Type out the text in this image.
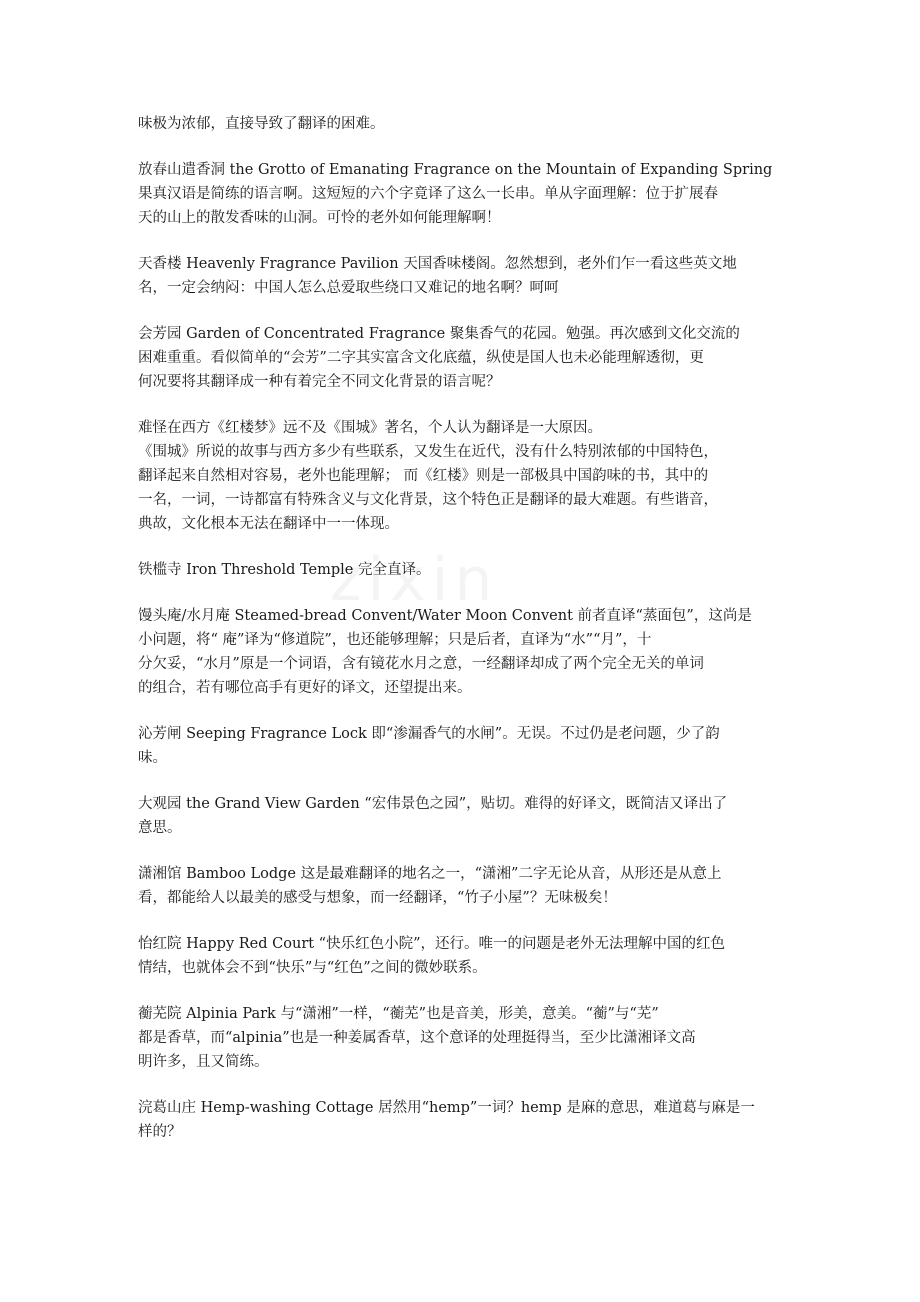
味极为浓郁，直接导致了翻译的困难。
放春山遣香洞 the Grotto of Emanating Fragrance on the Mountain of Expanding Spring
果真汉语是简练的语言啊。这短短的六个字竟译了这么一长串。单从字面理解：位于扩展春
天的山上的散发香味的山洞。可怜的老外如何能理解啊！
天香楼 Heavenly Fragrance Pavilion 天国香味楼阁。忽然想到，老外们乍一看这些英文地
名，一定会纳闷：中国人怎么总爱取些绕口又难记的地名啊？呵呵
会芳园 Garden of Concentrated Fragrance 聚集香气的花园。勉强。再次感到文化交流的
困难重重。看似简单的“会芳”二字其实富含文化底蕴，纵使是国人也未必能理解透彻，更
何况要将其翻译成一种有着完全不同文化背景的语言呢？
难怪在西方《红楼梦》远不及《围城》著名，个人认为翻译是一大原因。
《围城》所说的故事与西方多少有些联系，又发生在近代，没有什么特别浓郁的中国特色，
翻译起来自然相对容易，老外也能理解； 而《红楼》则是一部极具中国韵味的书，其中的
一名，一词，一诗都富有特殊含义与文化背景，这个特色正是翻译的最大难题。有些谐音，
典故，文化根本无法在翻译中一一体现。
铁槛寺 Iron Threshold Temple 完全直译。
馒头庵/水月庵 Steamed-bread Convent/Water Moon Convent 前者直译“蒸面包”，这尚是
小问题，将“ 庵”译为“修道院”，也还能够理解；只是后者，直译为“水”“月”，十
分欠妥，“水月”原是一个词语，含有镜花水月之意，一经翻译却成了两个完全无关的单词
的组合，若有哪位高手有更好的译文，还望提出来。
沁芳闸 Seeping Fragrance Lock 即“渗漏香气的水闸”。无误。不过仍是老问题，少了韵
味。
大观园 the Grand View Garden “宏伟景色之园”，贴切。难得的好译文，既简洁又译出了
意思。
潇湘馆 Bamboo Lodge 这是最难翻译的地名之一，“潇湘”二字无论从音，从形还是从意上
看，都能给人以最美的感受与想象，而一经翻译，“竹子小屋”？无味极矣！
怡红院 Happy Red Court “快乐红色小院”，还行。唯一的问题是老外无法理解中国的红色
情结，也就体会不到“快乐”与“红色”之间的微妙联系。
蘅芜院 Alpinia Park 与“潇湘”一样，“蘅芜”也是音美，形美，意美。“蘅”与“芜”
都是香草，而“alpinia”也是一种姜属香草，这个意译的处理挺得当，至少比潇湘译文高
明许多，且又简练。
浣葛山庄 Hemp-washing Cottage 居然用“hemp”一词？hemp 是麻的意思，难道葛与麻是一
样的？
